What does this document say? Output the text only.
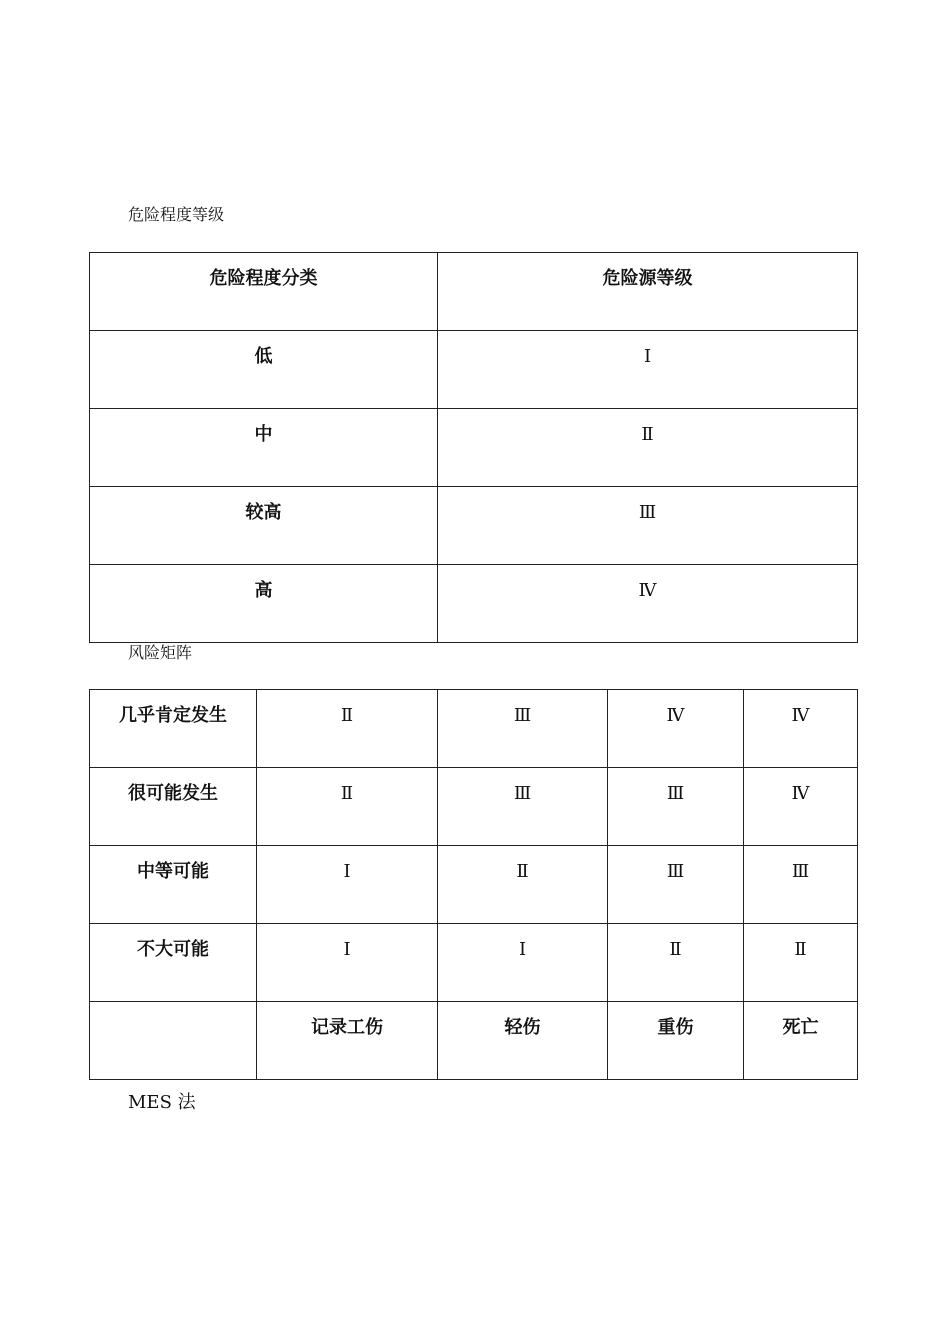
危险程度等级
危险程度分类	危险源等级

低	Ⅰ

中	Ⅱ

较高	Ⅲ

高	Ⅳ
风险矩阵
几乎肯定发生	Ⅱ	Ⅲ	Ⅳ	Ⅳ

很可能发生	Ⅱ	Ⅲ	Ⅲ	Ⅳ

中等可能	Ⅰ	Ⅱ	Ⅲ	Ⅲ

不大可能	Ⅰ	Ⅰ	Ⅱ	Ⅱ

	记录工伤	轻伤	重伤	死亡
MES 法
